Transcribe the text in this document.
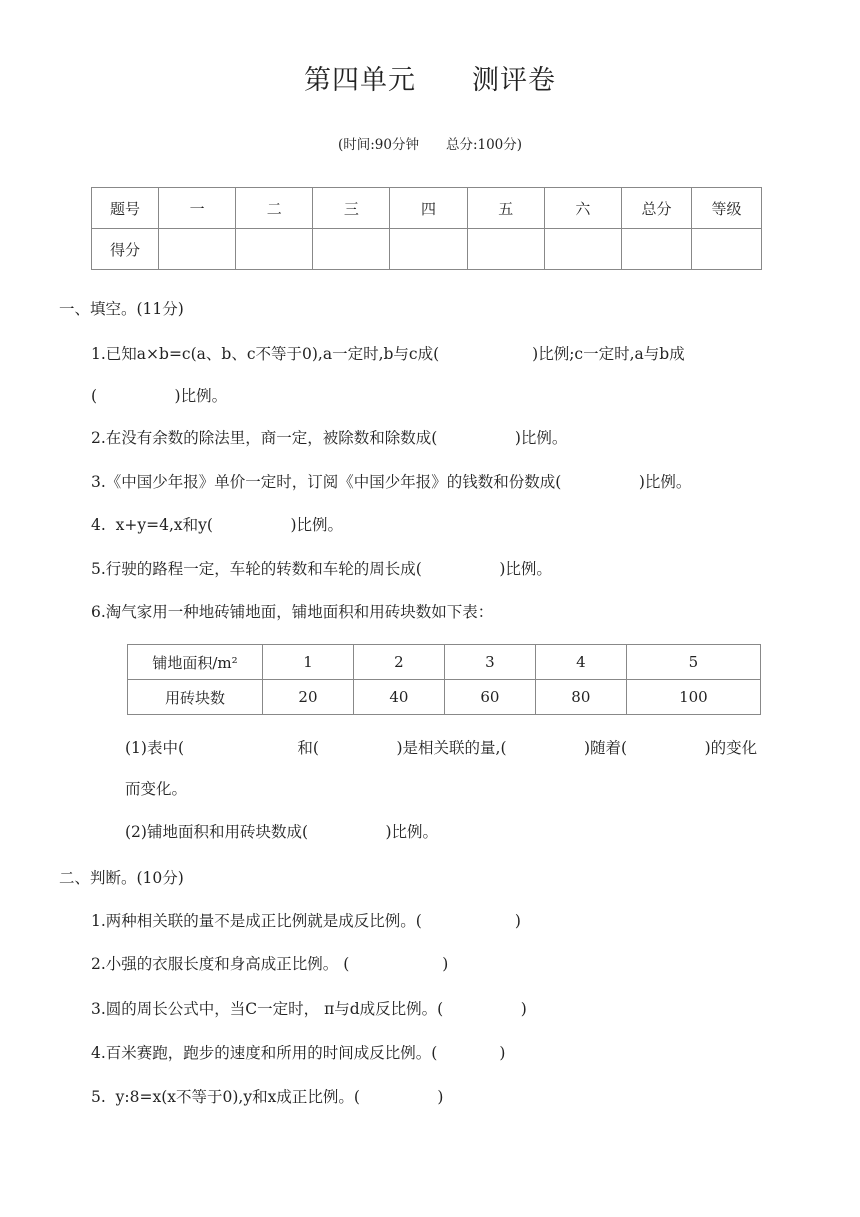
第四单元　　测评卷
(时间:90分钟　　总分:100分)
题号	一	二	三	四	五	六	总分	等级
得分								
一、填空。(11分)
1.已知a×b=c(a、b、c不等于0),a一定时,b与c成(　　　　　　)比例;c一定时,a与b成
(　　　　　)比例。
2.在没有余数的除法里，商一定，被除数和除数成(　　　　　)比例。
3.《中国少年报》单价一定时，订阅《中国少年报》的钱数和份数成(　　　　　)比例。
4.  x+y=4,x和y(　　　　　)比例。
5.行驶的路程一定，车轮的转数和车轮的周长成(　　　　　)比例。
6.淘气家用一种地砖铺地面，铺地面积和用砖块数如下表：
铺地面积/m²	1	2	3	4	5
用砖块数	20	40	60	80	100
(1)表中(　　　　　　　 和(　　　　　)是相关联的量,(　　　　　)随着(　　　　　)的变化
而变化。
(2)铺地面积和用砖块数成(　　　　　)比例。
二、判断。(10分)
1.两种相关联的量不是成正比例就是成反比例。(　　　　　　)
2.小强的衣服长度和身高成正比例。 (　　　　　　)
3.圆的周长公式中，当C一定时， π与d成反比例。(　　　　　)
4.百米赛跑，跑步的速度和所用的时间成反比例。(　　　　)
5.  y:8=x(x不等于0),y和x成正比例。(　　　　　)
